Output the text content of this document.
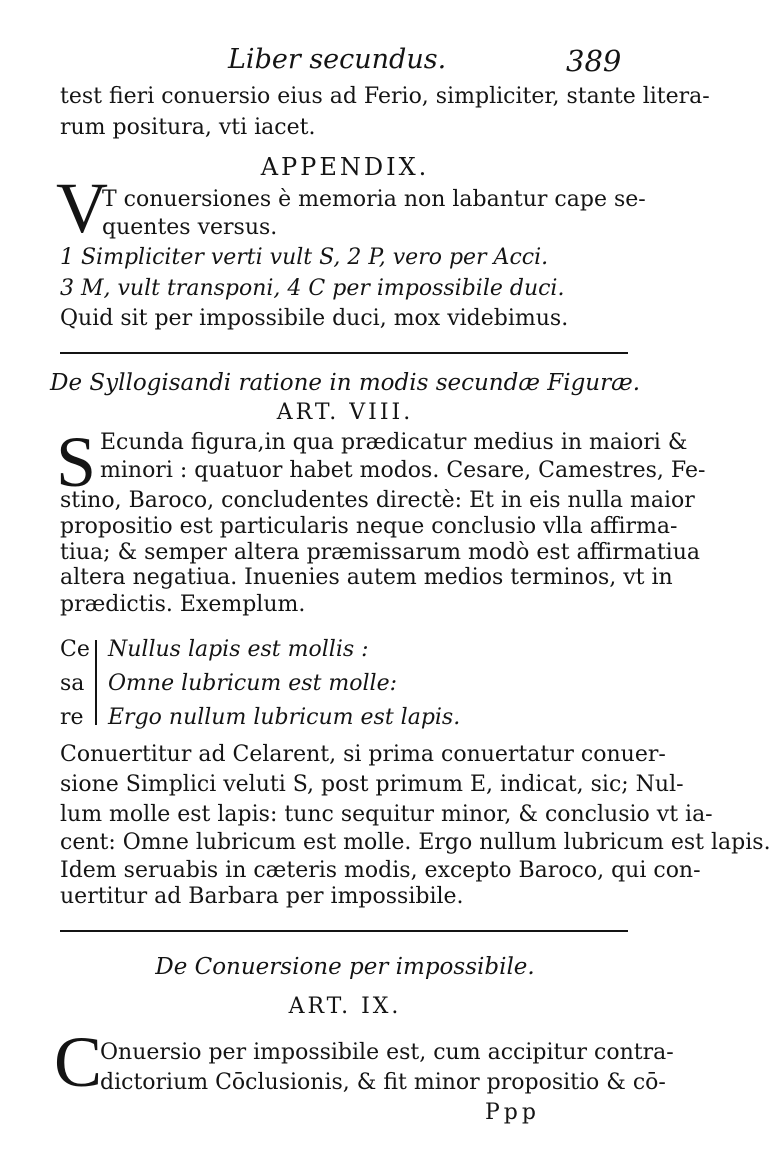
Liber secundus.	389
test fieri conuersio eius ad Ferio, simpliciter, stante litera-
rum positura, vti iacet.
APPENDIX.
V
T conuersiones è memoria non labantur cape se-
quentes versus.
1 Simpliciter verti vult S, 2 P, vero per Acci.
3 M, vult transponi, 4 C per impossibile duci.
Quid sit per impossibile duci, mox videbimus.
De Syllogisandi ratione in modis secundæ Figuræ.
ART. VIII.
S Ecunda figura,in qua prædicatur medius in maiori &
minori : quatuor habet modos. Cesare, Camestres, Fe-
stino, Baroco, concludentes directè: Et in eis nulla maior
propositio est particularis neque conclusio vlla affirma-
tiua; & semper altera præmissarum modò est affirmatiua
altera negatiua. Inuenies autem medios terminos, vt in
prædictis. Exemplum.
Ce
sa
re
Nullus lapis est mollis :
Omne lubricum est molle:
Ergo nullum lubricum est lapis.
Conuertitur ad Celarent, si prima conuertatur conuer-
sione Simplici veluti S, post primum E, indicat, sic; Nul-
lum molle est lapis: tunc sequitur minor, & conclusio vt ia-
cent: Omne lubricum est molle. Ergo nullum lubricum est lapis.
Idem seruabis in cæteris modis, excepto Baroco, qui con-
uertitur ad Barbara per impossibile.
De Conuersione per impossibile.
ART. IX.
C
Onuersio per impossibile est, cum accipitur contra-
dictorium Cōclusionis, & fit minor propositio & cō-
Ppp
